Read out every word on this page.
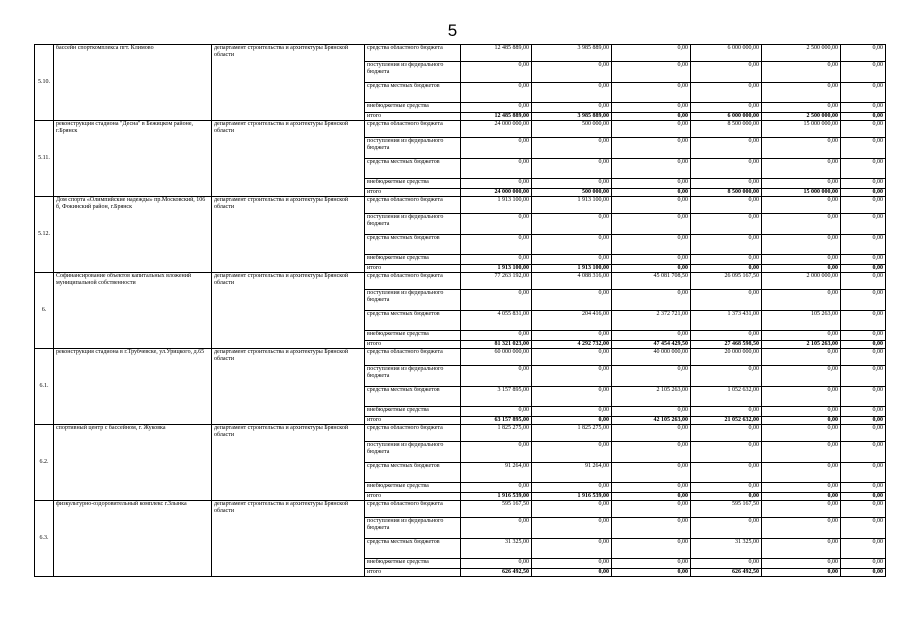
5
5.10.	бассейн спорткомплекса пгт. Климово	департамент строительства и архитектуры Брянской области	средства областного бюджета	12 485 889,00	3 985 889,00	0,00	6 000 000,00	2 500 000,00	0,00
			поступления из федерального бюджета	0,00	0,00	0,00	0,00	0,00	0,00
			средства местных бюджетов	0,00	0,00	0,00	0,00	0,00	0,00
			внебюджетные средства	0,00	0,00	0,00	0,00	0,00	0,00
			итого	12 485 889,00	3 985 889,00	0,00	6 000 000,00	2 500 000,00	0,00
5.11.	реконструкция стадиона "Десна" в Бежицком районе, г.Брянск	департамент строительства и архитектуры Брянской области	средства областного бюджета	24 000 000,00	500 000,00	0,00	8 500 000,00	15 000 000,00	0,00
			поступления из федерального бюджета	0,00	0,00	0,00	0,00	0,00	0,00
			средства местных бюджетов	0,00	0,00	0,00	0,00	0,00	0,00
			внебюджетные средства	0,00	0,00	0,00	0,00	0,00	0,00
			итого	24 000 000,00	500 000,00	0,00	8 500 000,00	15 000 000,00	0,00
5.12.	Дом спорта «Олимпийские надежды» пр.Московский, 106 б, Фокинский район, г.Брянск	департамент строительства и архитектуры Брянской области	средства областного бюджета	1 913 100,00	1 913 100,00	0,00	0,00	0,00	0,00
			поступления из федерального бюджета	0,00	0,00	0,00	0,00	0,00	0,00
			средства местных бюджетов	0,00	0,00	0,00	0,00	0,00	0,00
			внебюджетные средства	0,00	0,00	0,00	0,00	0,00	0,00
			итого	1 913 100,00	1 913 100,00	0,00	0,00	0,00	0,00
6.	Софинансирование объектов капитальных вложений муниципальной собственности	департамент строительства и архитектуры Брянской области	средства областного бюджета	77 263 192,00	4 088 316,00	45 081 708,50	26 095 167,50	2 000 000,00	0,00
			поступления из федерального бюджета	0,00	0,00	0,00	0,00	0,00	0,00
			средства местных бюджетов	4 055 831,00	204 416,00	2 372 721,00	1 373 431,00	105 263,00	0,00
			внебюджетные средства	0,00	0,00	0,00	0,00	0,00	0,00
			итого	81 321 023,00	4 292 732,00	47 454 429,50	27 468 598,50	2 105 263,00	0,00
6.1.	реконструкция стадиона в г.Трубчевске, ул.Урицкого, д.65	департамент строительства и архитектуры Брянской области	средства областного бюджета	60 000 000,00	0,00	40 000 000,00	20 000 000,00	0,00	0,00
			поступления из федерального бюджета	0,00	0,00	0,00	0,00	0,00	0,00
			средства местных бюджетов	3 157 895,00	0,00	2 105 263,00	1 052 632,00	0,00	0,00
			внебюджетные средства	0,00	0,00	0,00	0,00	0,00	0,00
			итого	63 157 895,00	0,00	42 105 263,00	21 052 632,00	0,00	0,00
6.2.	спортивный центр с бассейном, г. Жуковка	департамент строительства и архитектуры Брянской области	средства областного бюджета	1 825 275,00	1 825 275,00	0,00	0,00	0,00	0,00
			поступления из федерального бюджета	0,00	0,00	0,00	0,00	0,00	0,00
			средства местных бюджетов	91 264,00	91 264,00	0,00	0,00	0,00	0,00
			внебюджетные средства	0,00	0,00	0,00	0,00	0,00	0,00
			итого	1 916 539,00	1 916 539,00	0,00	0,00	0,00	0,00
6.3.	физкультурно-оздоровительный комплекс г.Злынка	департамент строительства и архитектуры Брянской области	средства областного бюджета	595 167,50	0,00	0,00	595 167,50	0,00	0,00
			поступления из федерального бюджета	0,00	0,00	0,00	0,00	0,00	0,00
			средства местных бюджетов	31 325,00	0,00	0,00	31 325,00	0,00	0,00
			внебюджетные средства	0,00	0,00	0,00	0,00	0,00	0,00
			итого	626 492,50	0,00	0,00	626 492,50	0,00	0,00
